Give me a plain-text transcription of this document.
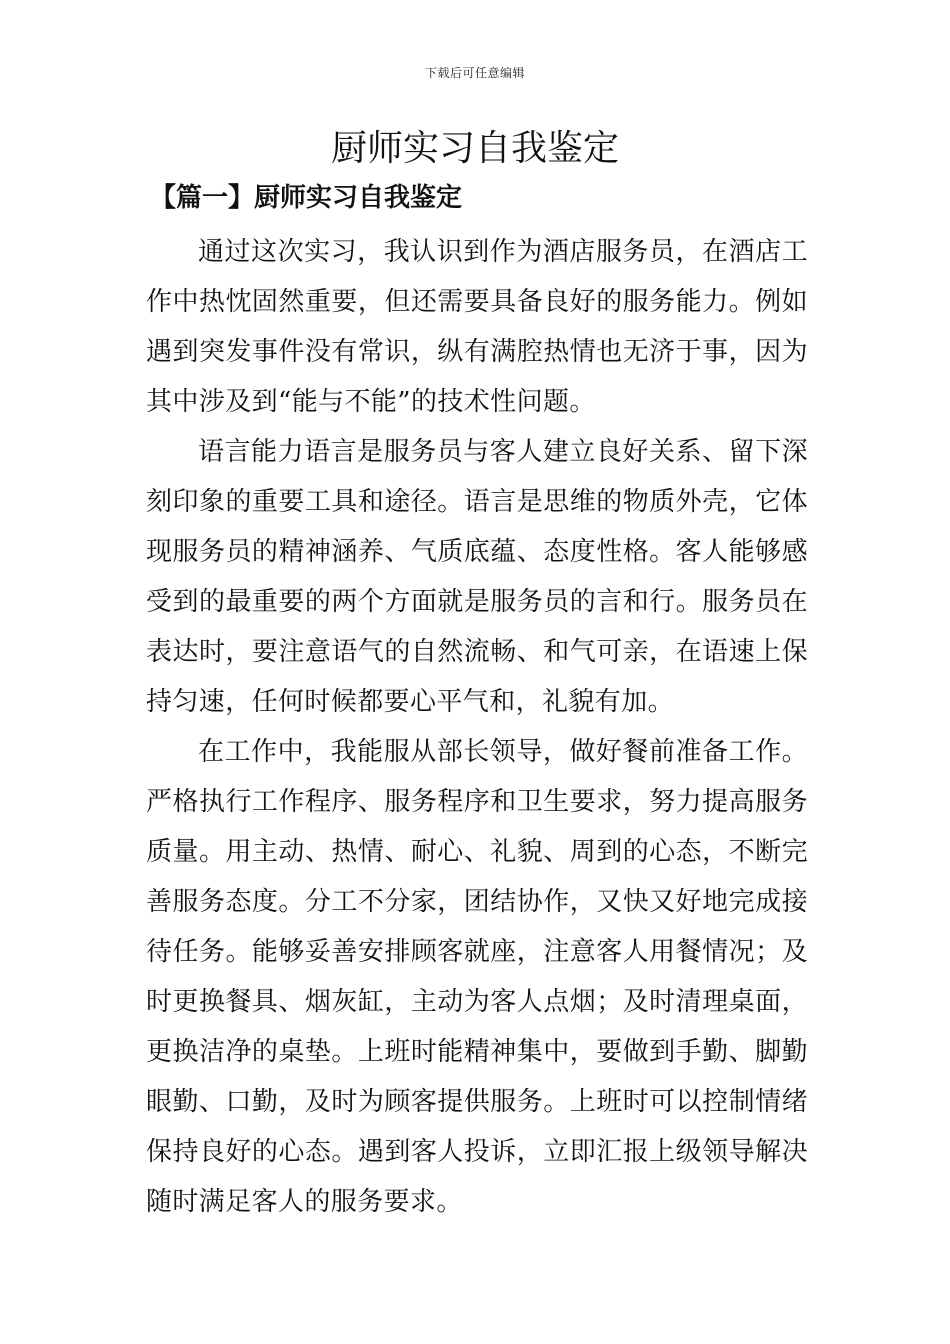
下载后可任意编辑
厨师实习自我鉴定
【篇一】厨师实习自我鉴定

通过这次实习，我认识到作为酒店服务员，在酒店工作中热忱固然重要，但还需要具备良好的服务能力。例如遇到突发事件没有常识，纵有满腔热情也无济于事，因为其中涉及到“能与不能”的技术性问题。

语言能力语言是服务员与客人建立良好关系、留下深刻印象的重要工具和途径。语言是思维的物质外壳，它体现服务员的精神涵养、气质底蕴、态度性格。客人能够感受到的最重要的两个方面就是服务员的言和行。服务员在表达时，要注意语气的自然流畅、和气可亲，在语速上保持匀速，任何时候都要心平气和，礼貌有加。

在工作中，我能服从部长领导，做好餐前准备工作。严格执行工作程序、服务程序和卫生要求，努力提高服务质量。用主动、热情、耐心、礼貌、周到的心态，不断完善服务态度。分工不分家，团结协作，又快又好地完成接待任务。能够妥善安排顾客就座，注意客人用餐情况；及时更换餐具、烟灰缸，主动为客人点烟；及时清理桌面，更换洁净的桌垫。上班时能精神集中，要做到手勤、脚勤眼勤、口勤，及时为顾客提供服务。上班时可以控制情绪保持良好的心态。遇到客人投诉，立即汇报上级领导解决随时满足客人的服务要求。
